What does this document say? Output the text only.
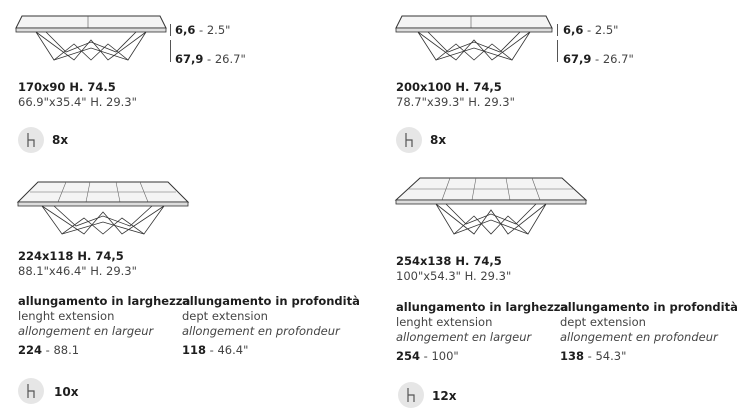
6,6 - 2.5"
67,9 - 26.7"
170x90 H. 74.5
66.9"x35.4" H. 29.3"
8x
6,6 - 2.5"
67,9 - 26.7"
200x100 H. 74,5
78.7"x39.3" H. 29.3"
8x
224x118 H. 74,5
88.1"x46.4" H. 29.3"
allungamento in larghezza
lenght extension
allongement en largeur
224 - 88.1
allungamento in profondità
dept extension
allongement en profondeur
118 - 46.4"
10x
254x138 H. 74,5
100"x54.3" H. 29.3"
allungamento in larghezza
lenght extension
allongement en largeur
254 - 100"
allungamento in profondità
dept extension
allongement en profondeur
138 - 54.3"
12x
